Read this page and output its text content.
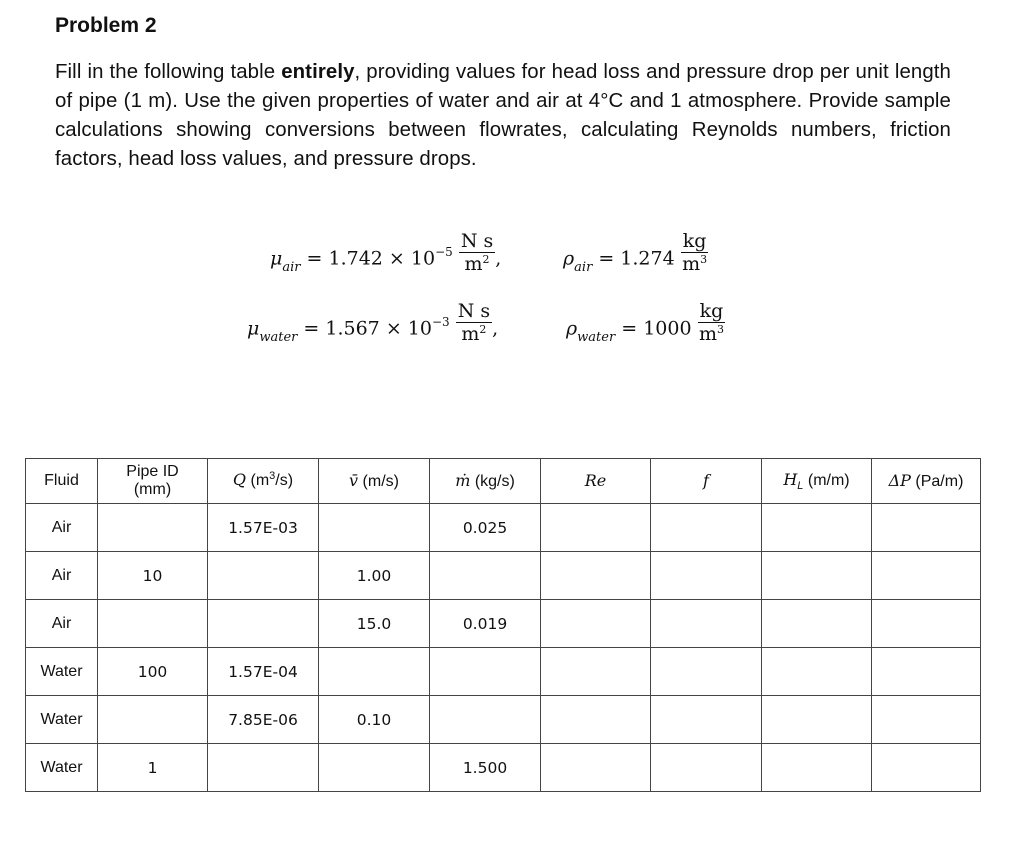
Problem 2
Fill in the following table entirely, providing values for head loss and pressure drop per unit length of pipe (1 m). Use the given properties of water and air at 4°C and 1 atmosphere. Provide sample calculations showing conversions between flowrates, calculating Reynolds numbers, friction factors, head loss values, and pressure drops.
$\mu_{air} = 1.742 \times 10^{-5} \frac{\text{N s}}{m^2}$ ,	$\rho_{air} = 1.274 \frac{kg}{m^3}$
$\mu_{water} = 1.567 \times 10^{-3} \frac{\text{N s}}{m^2}$ ,	$\rho_{water} = 1000 \frac{kg}{m^3}$
Fluid	Pipe ID (mm)	Q $(m^3/s)$	v̄ (m/s)	ṁ (kg/s)	Re	f	$H_L$ (m/m)	ΔP (Pa/m)
Air		1.57E-03		0.025				
Air	10		1.00					
Air			15.0	0.019				
Water	100	1.57E-04						
Water		7.85E-06	0.10					
Water	1			1.500				
